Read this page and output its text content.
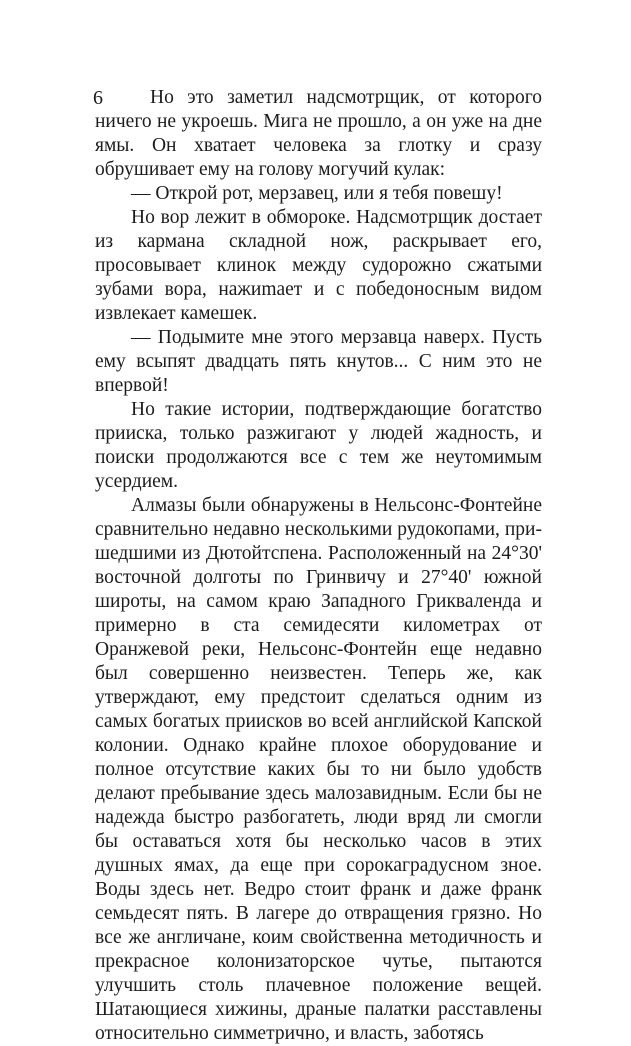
6	Но это заметил надсмотрщик, от которого ничего не укроешь. Мига не прошло, а он уже на дне ямы. Он хватает человека за глотку и сразу обрушивает ему на голову могучий кулак:

— Открой рот, мерзавец, или я тебя повешу!

Но вор лежит в обмороке. Надсмотрщик достает из кармана складной нож, раскрывает его, просовывает клинок между судорожно сжатыми зубами вора, нажиmает и с победоносным видом извлекает камешек.

— Подымите мне этого мерзавца наверх. Пусть ему всыпят двадцать пять кнутов... С ним это не впервой!

Но такие истории, подтверждающие богатство прииска, только разжигают у людей жадность, и поиски продолжаются все с тем же неутомимым усердием.

Алмазы были обнаружены в Нельсонс-Фонтейне сравнительно недавно несколькими рудокопами, пришедшими из Дютойтспена. Расположенный на 24°30' восточной долготы по Гринвичу и 27°40' южной широты, на самом краю Западного Грикваленда и примерно в ста семидесяти километрах от Оранжевой реки, Нельсонс-Фонтейн еще недавно был совершенно неизвестен. Теперь же, как утверждают, ему предстоит сделаться одним из самых богатых приисков во всей английской Капской колонии. Однако крайне плохое оборудование и полное отсутствие каких бы то ни было удобств делают пребывание здесь малозавидным. Если бы не надежда быстро разбогатеть, люди вряд ли смогли бы оставаться хотя бы несколько часов в этих душных ямах, да еще при сорокаградусном зное. Воды здесь нет. Ведро стоит франк и даже франк семьдесят пять. В лагере до отвращения грязно. Но все же англичане, коим свойственна методичность и прекрасное колонизаторское чутье, пытаются улучшить столь плачевное положение вещей. Шатающиеся хижины, драные палатки расставлены относительно симметрично, и власть, заботясь
